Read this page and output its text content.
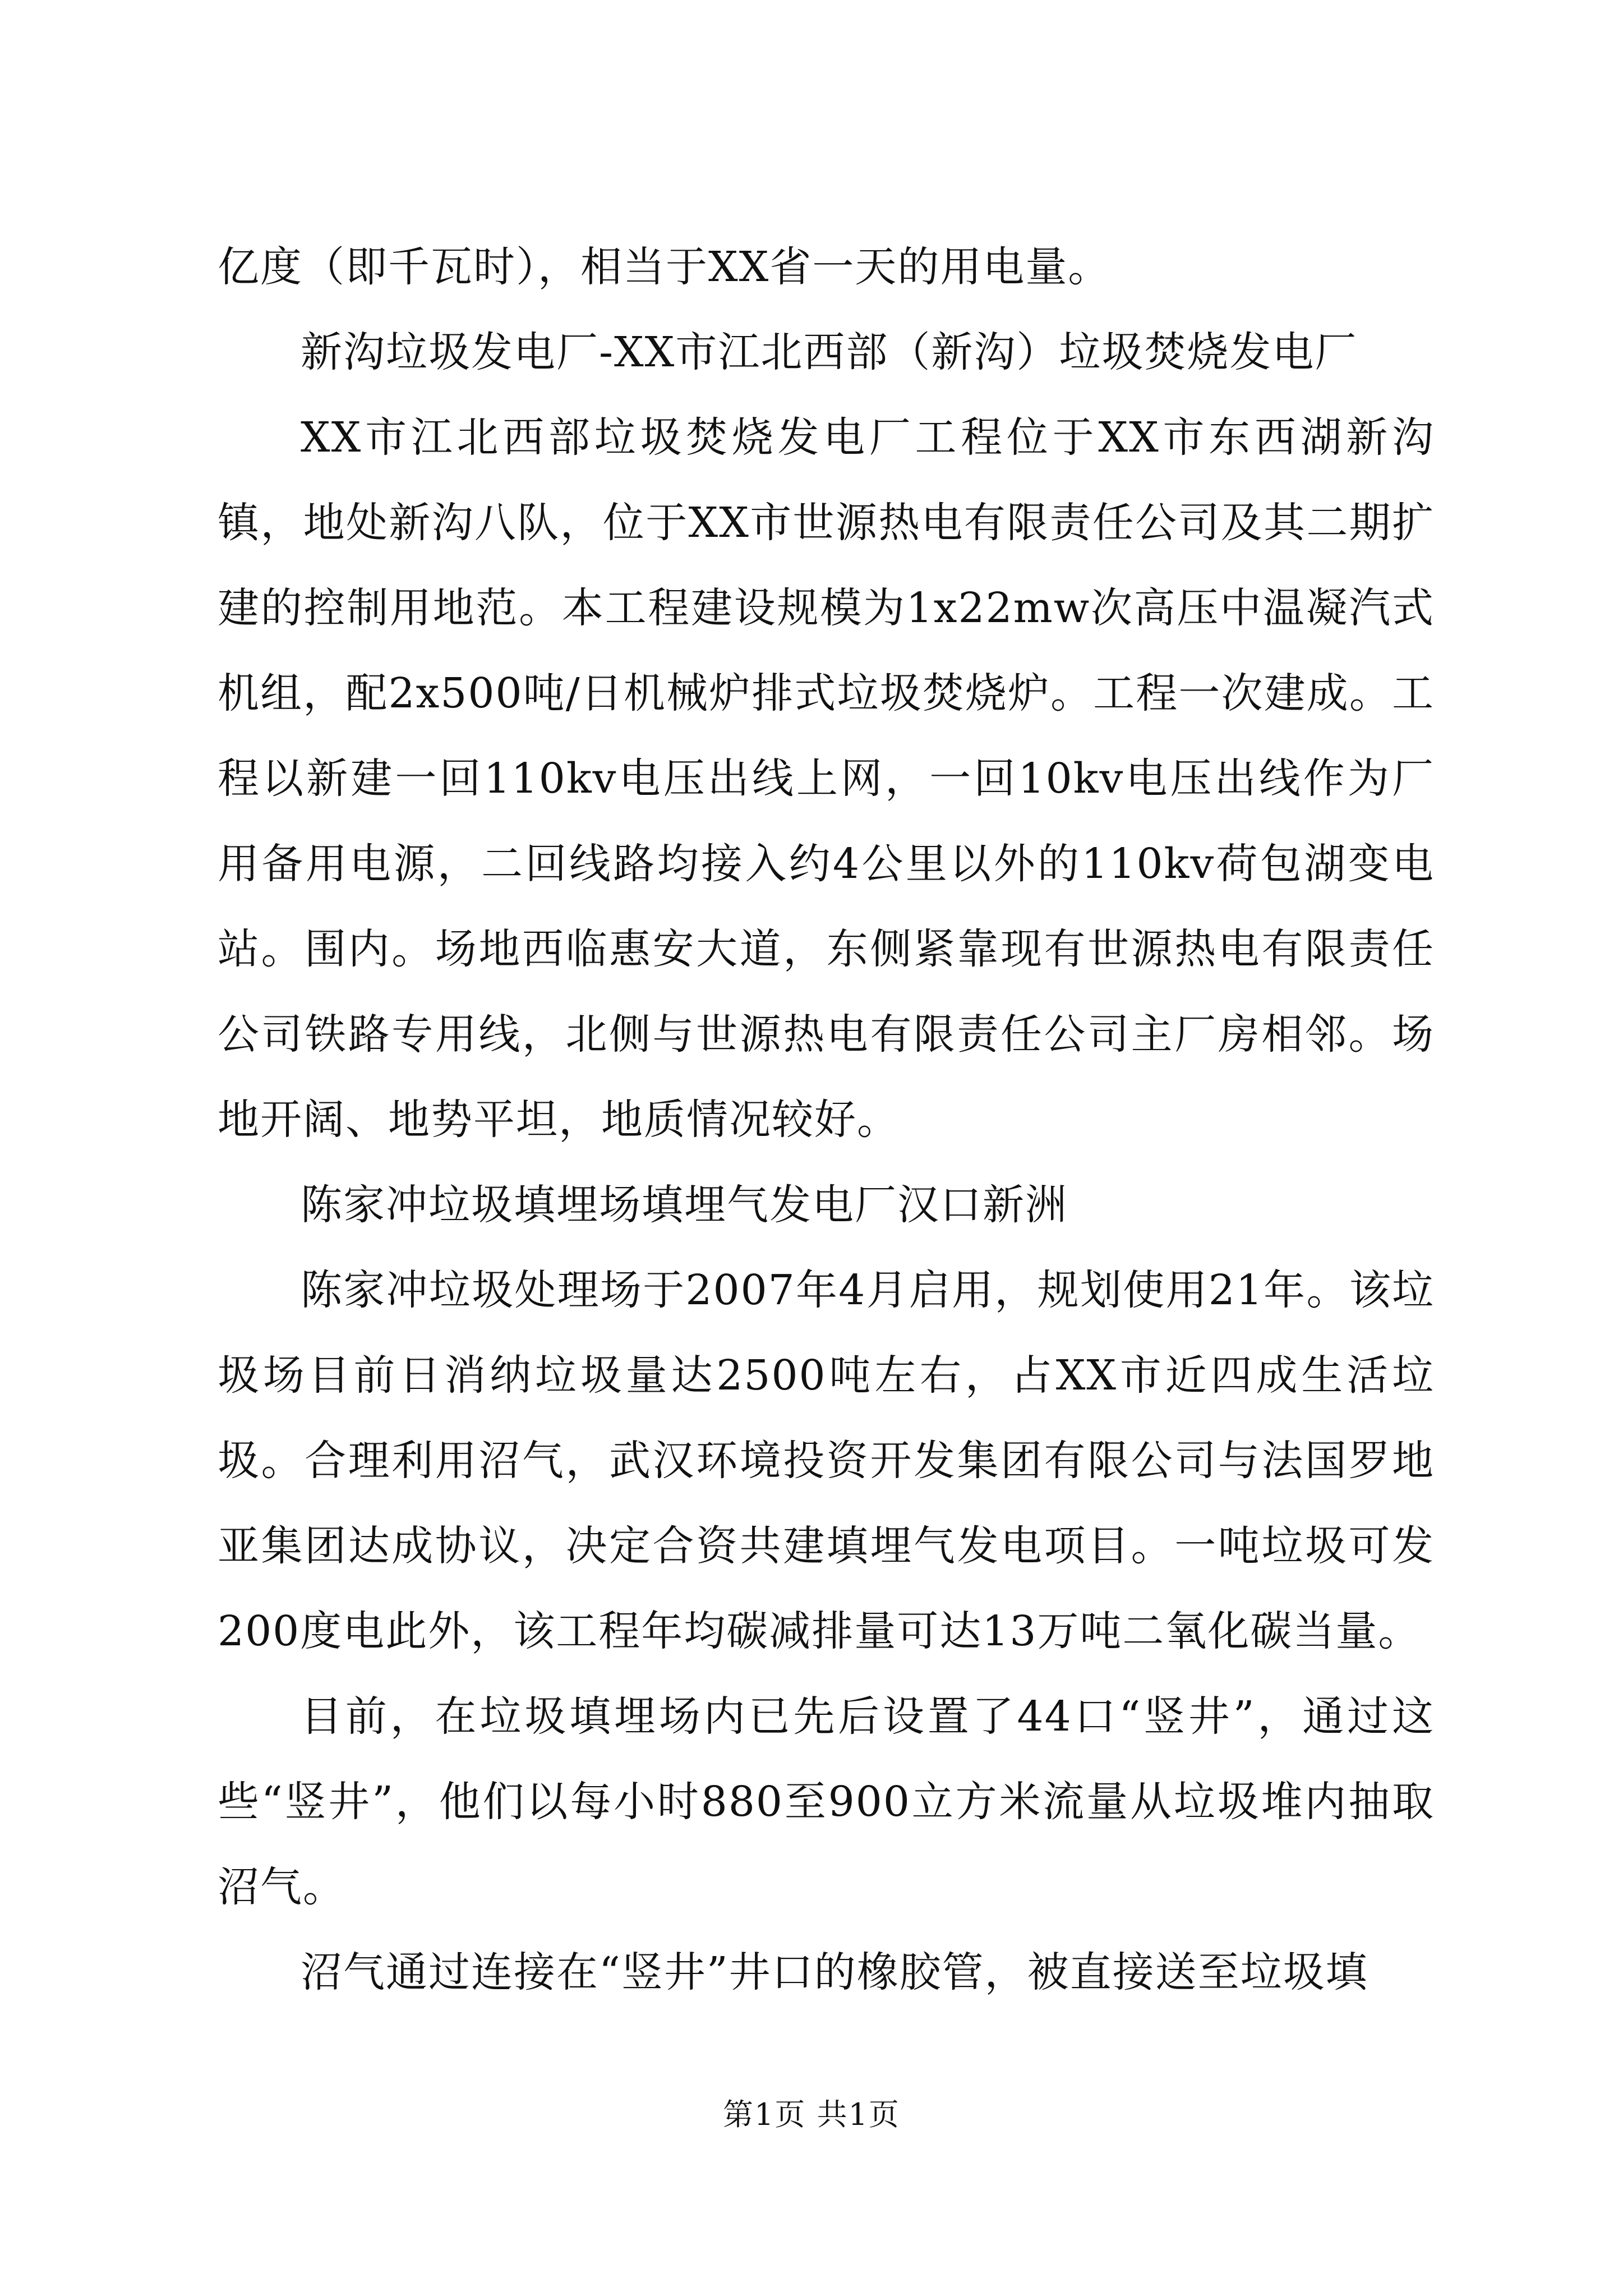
亿度（即千瓦时），相当于XX省一天的用电量。

新沟垃圾发电厂-XX市江北西部（新沟）垃圾焚烧发电厂

XX市江北西部垃圾焚烧发电厂工程位于XX市东西湖新沟镇，地处新沟八队，位于XX市世源热电有限责任公司及其二期扩建的控制用地范。本工程建设规模为1x22mw次高压中温凝汽式机组，配2x500吨/日机械炉排式垃圾焚烧炉。工程一次建成。工程以新建一回110kv电压出线上网，一回10kv电压出线作为厂用备用电源，二回线路均接入约4公里以外的110kv荷包湖变电站。围内。场地西临惠安大道，东侧紧靠现有世源热电有限责任公司铁路专用线，北侧与世源热电有限责任公司主厂房相邻。场地开阔、地势平坦，地质情况较好。

陈家冲垃圾填埋场填埋气发电厂汉口新洲

陈家冲垃圾处理场于2007年4月启用，规划使用21年。该垃圾场目前日消纳垃圾量达2500吨左右，占XX市近四成生活垃圾。合理利用沼气，武汉环境投资开发集团有限公司与法国罗地亚集团达成协议，决定合资共建填埋气发电项目。一吨垃圾可发200度电此外，该工程年均碳减排量可达13万吨二氧化碳当量。

目前，在垃圾填埋场内已先后设置了44口“竖井”，通过这些“竖井”，他们以每小时880至900立方米流量从垃圾堆内抽取沼气。

沼气通过连接在“竖井”井口的橡胶管，被直接送至垃圾填

第1页 共1页
